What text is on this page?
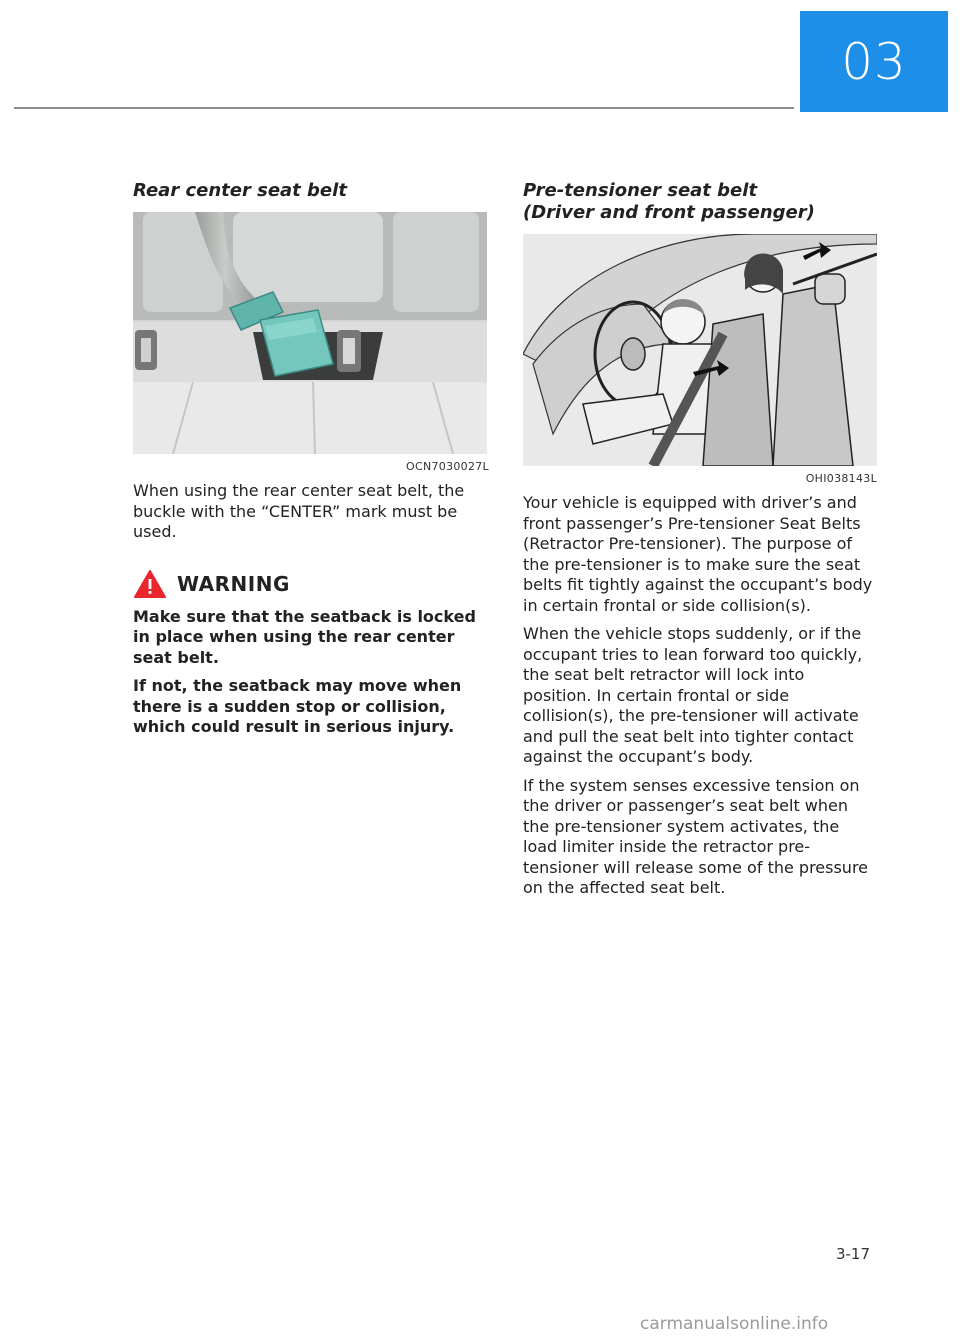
03
Rear center seat belt
OCN7030027L

When using the rear center seat belt, the buckle with the “CENTER” mark must be used.

WARNING

Make sure that the seatback is locked in place when using the rear center seat belt.

If not, the seatback may move when there is a sudden stop or collision, which could result in serious injury.

Pre-tensioner seat belt
(Driver and front passenger)
OHI038143L

Your vehicle is equipped with driver’s and front passenger’s Pre-tensioner Seat Belts (Retractor Pre-tensioner). The purpose of the pre-tensioner is to make sure the seat belts fit tightly against the occupant’s body in certain frontal or side collision(s).

When the vehicle stops suddenly, or if the occupant tries to lean forward too quickly, the seat belt retractor will lock into position. In certain frontal or side collision(s), the pre-tensioner will activate and pull the seat belt into tighter contact against the occupant’s body.

If the system senses excessive tension on the driver or passenger’s seat belt when the pre-tensioner system activates, the load limiter inside the retractor pre-tensioner will release some of the pressure on the affected seat belt.

3-17
carmanualsonline.info
